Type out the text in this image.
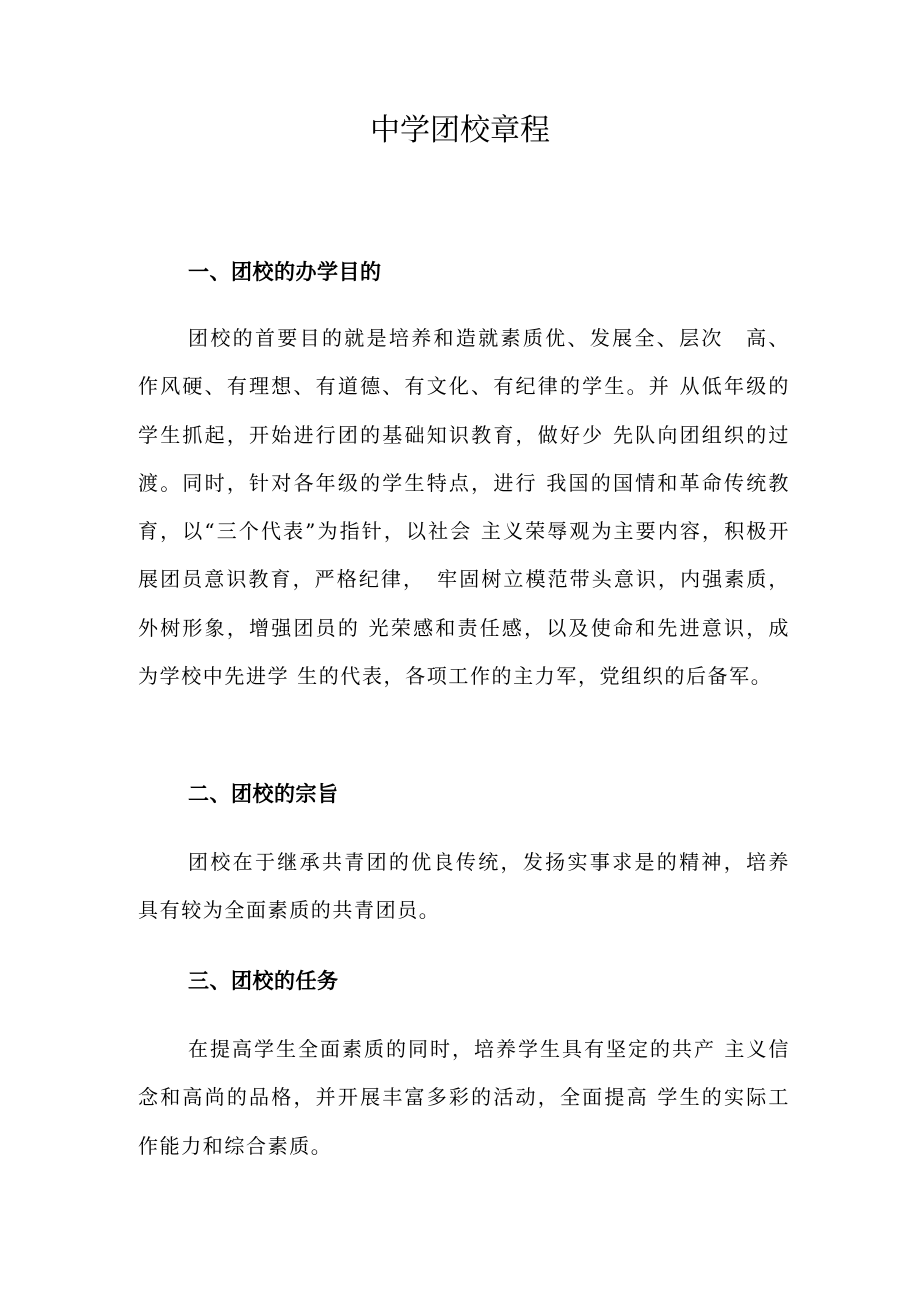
中学团校章程
一、团校的办学目的

团校的首要目的就是培养和造就素质优、发展全、层次　高、作风硬、有理想、有道德、有文化、有纪律的学生。并 从低年级的学生抓起，开始进行团的基础知识教育，做好少 先队向团组织的过渡。同时，针对各年级的学生特点，进行 我国的国情和革命传统教育，以“三个代表”为指针，以社会 主义荣辱观为主要内容，积极开展团员意识教育，严格纪律，　牢固树立模范带头意识，内强素质，外树形象，增强团员的 光荣感和责任感，以及使命和先进意识，成为学校中先进学 生的代表，各项工作的主力军，党组织的后备军。

二、团校的宗旨

团校在于继承共青团的优良传统，发扬实事求是的精神，培养具有较为全面素质的共青团员。

三、团校的任务

在提高学生全面素质的同时，培养学生具有坚定的共产 主义信念和高尚的品格，并开展丰富多彩的活动，全面提高 学生的实际工作能力和综合素质。
